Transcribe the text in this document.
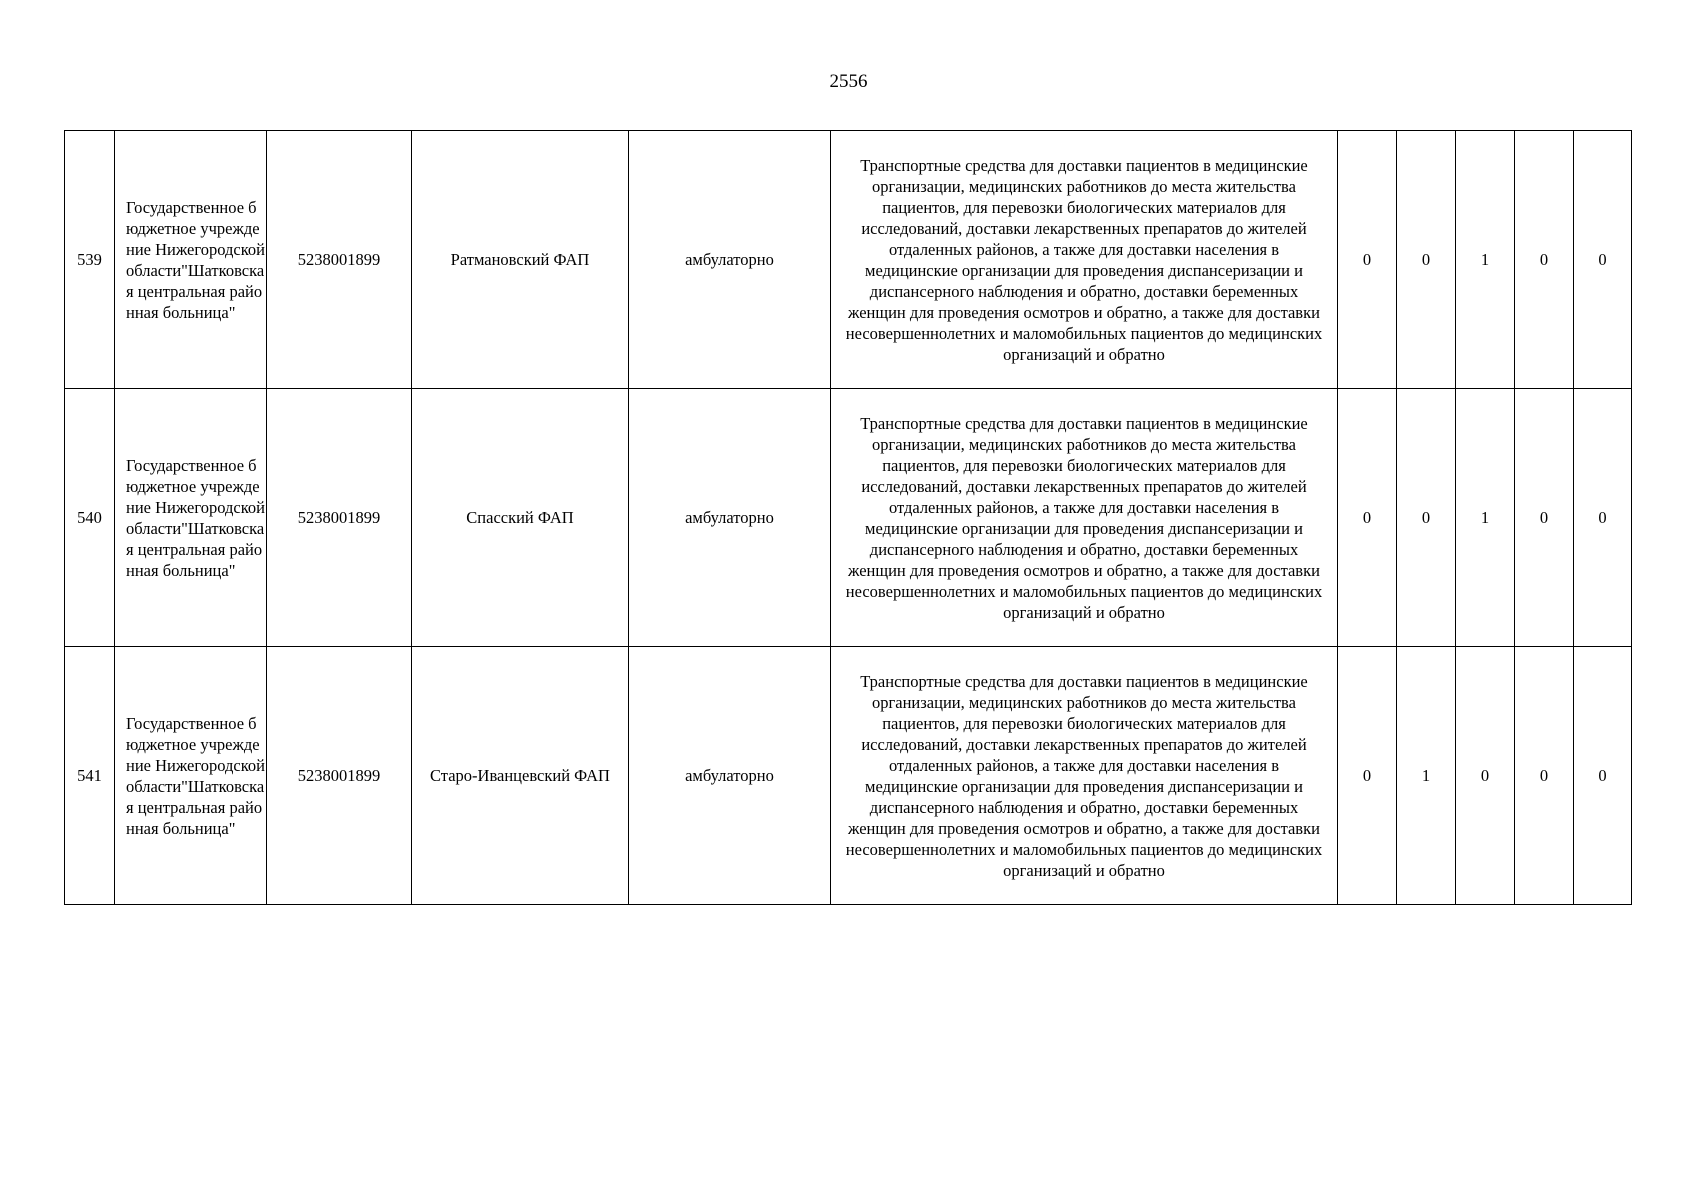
2556
539	Государственное бюджетное учреждение Нижегородской области"Шатковская центральная районная больница"	5238001899	Ратмановский ФАП	амбулаторно	Транспортные средства для доставки пациентов в медицинские организации, медицинских работников до места жительства пациентов, для перевозки биологических материалов для исследований, доставки лекарственных препаратов до жителей отдаленных районов, а также для доставки населения в медицинские организации для проведения диспансеризации и диспансерного наблюдения и обратно, доставки беременных женщин для проведения осмотров и обратно, а также для доставки несовершеннолетних и маломобильных пациентов до медицинских организаций и обратно	0	0	1	0	0
540	Государственное бюджетное учреждение Нижегородской области"Шатковская центральная районная больница"	5238001899	Спасский ФАП	амбулаторно	Транспортные средства для доставки пациентов в медицинские организации, медицинских работников до места жительства пациентов, для перевозки биологических материалов для исследований, доставки лекарственных препаратов до жителей отдаленных районов, а также для доставки населения в медицинские организации для проведения диспансеризации и диспансерного наблюдения и обратно, доставки беременных женщин для проведения осмотров и обратно, а также для доставки несовершеннолетних и маломобильных пациентов до медицинских организаций и обратно	0	0	1	0	0
541	Государственное бюджетное учреждение Нижегородской области"Шатковская центральная районная больница"	5238001899	Старо-Иванцевский ФАП	амбулаторно	Транспортные средства для доставки пациентов в медицинские организации, медицинских работников до места жительства пациентов, для перевозки биологических материалов для исследований, доставки лекарственных препаратов до жителей отдаленных районов, а также для доставки населения в медицинские организации для проведения диспансеризации и диспансерного наблюдения и обратно, доставки беременных женщин для проведения осмотров и обратно, а также для доставки несовершеннолетних и маломобильных пациентов до медицинских организаций и обратно	0	1	0	0	0
